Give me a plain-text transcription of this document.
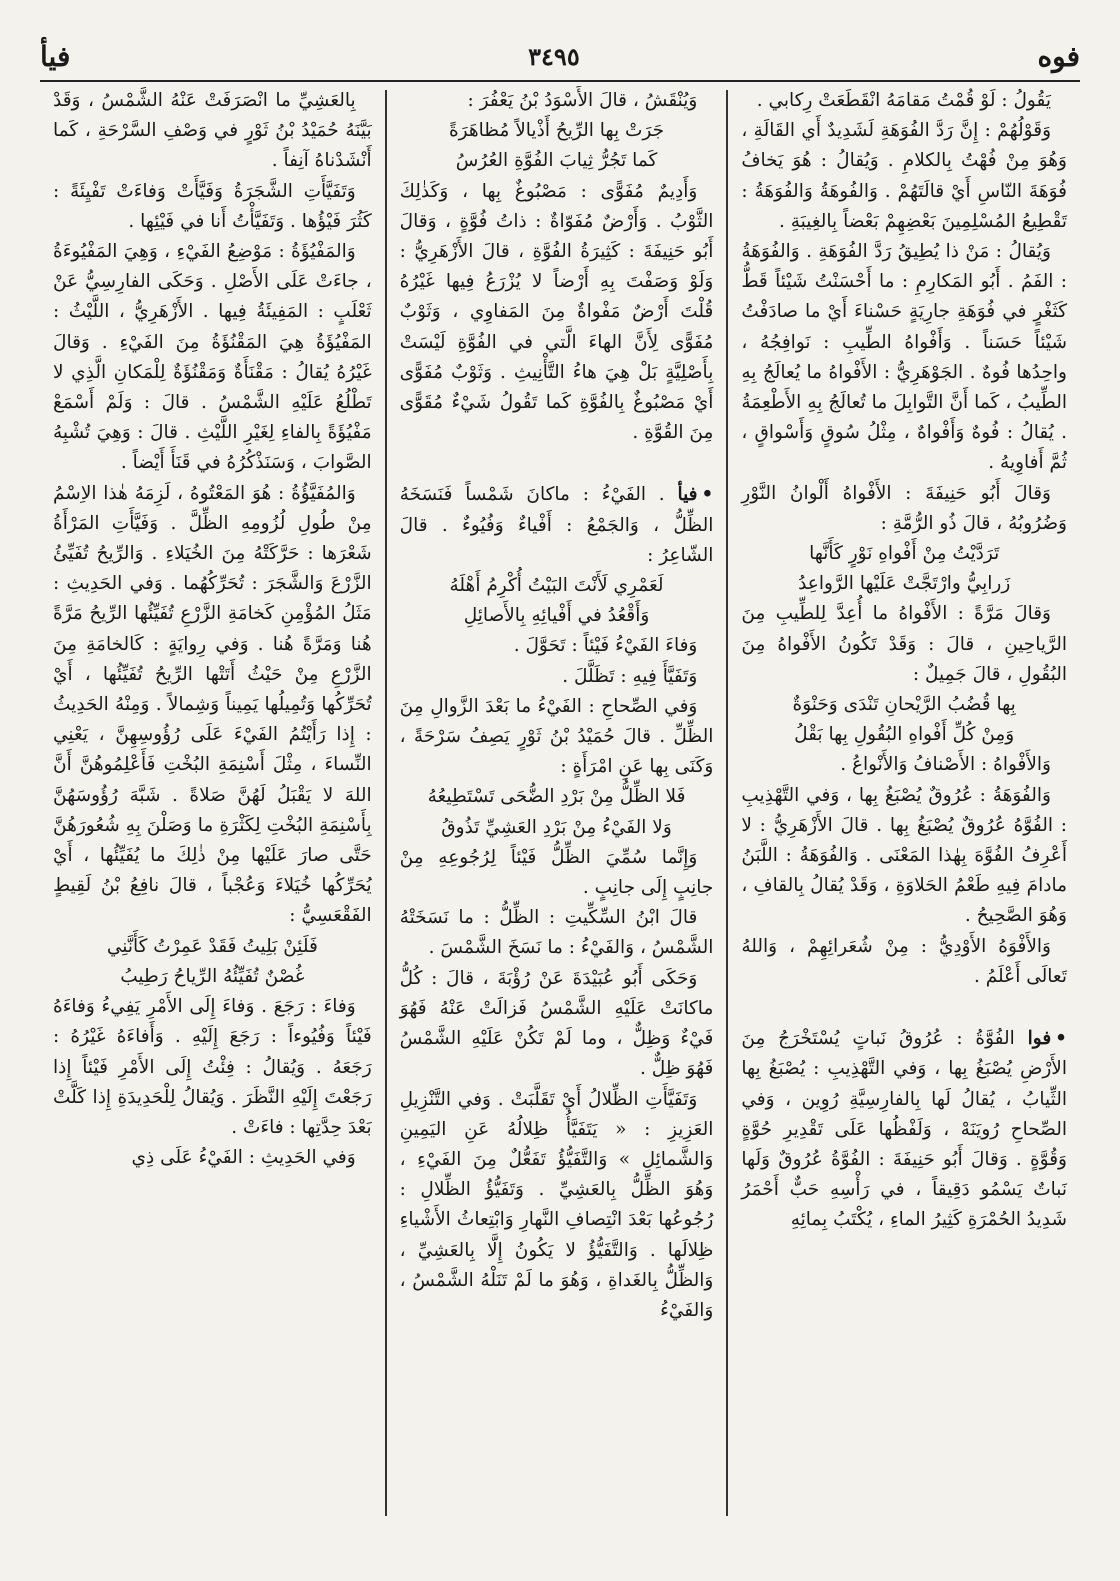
فوه
٣٤٩٥
فيأ

يَقُولُ : لَوْ قُمْتُ مَقامَهُ انْقَطَعَتْ رِكابي .

وَقَوْلُهُمْ : إِنَّ رَدَّ الفُوَهَةِ لَشَدِيدٌ أَي القَالَةِ ، وَهُوَ مِنْ فُهْتُ بِالكلامِ . وَيُقالُ : هُوَ يَخافُ فُوَهَةَ النّاسِ أَيْ قالَتَهُمْ . وَالفُوهَةُ وَالفُوَهَةُ : تَقْطِيعُ المُسْلِمِينَ بَعْضِهِمْ بَعْضاً بِالغِيبَةِ .

وَيُقالُ : مَنْ ذا يُطِيقُ رَدَّ الفُوَهَةِ . وَالفُوَهَةُ : الفَمُ . أَبُو المَكارِمِ : ما أَحْسَنْتُ شَيْئاً قَطُّ كَثَغْرٍ في فُوَهَةِ جارِيَةٍ حَسْناءَ أَيْ ما صادَفْتُ شَيْئاً حَسَناً . وَأَفْواهُ الطِّيبِ : نَوافِجُهُ ، واحِدُها فُوهٌ . الجَوْهَرِيُّ : الأَفْواهُ ما يُعالَجُ بِهِ الطِّيبُ ، كَما أَنَّ التَّوابِلَ ما تُعالَجُ بِهِ الأَطْعِمَةُ . يُقالُ : فُوهٌ وَأَفْواهٌ ، مِثْلُ سُوقٍ وَأَسْواقٍ ، ثُمَّ أَفاوِيهُ .

وَقالَ أَبُو حَنِيفَةَ : الأَفْواهُ أَلْوانُ النَّوْرِ وَضُرُوبُهُ ، قالَ ذُو الرُّمَّةِ :

تَرَدَّيْتُ مِنْ أَفْواهِ نَوْرٍ كَأَنَّها

زَرابِيُّ وارْتَجَّتْ عَلَيْها الرَّواعِدُ

وَقالَ مَرَّةً : الأَفْواهُ ما أُعِدَّ لِلطِّيبِ مِنَ الرَّياحِينِ ، قالَ : وَقَدْ تَكُونُ الأَفْواهُ مِنَ البُقُولِ ، قالَ جَمِيلٌ :

بِها قُضُبُ الرَّيْحانِ تَنْدَى وَحَنْوَةٌ

وَمِنْ كُلِّ أَفْواهِ البُقُولِ بِها بَقْلُ

وَالأَفْواهُ : الأَصْنافُ وَالأَنْواعُ .

وَالفُوَهَةُ : عُرُوقٌ يُصْبَغُ بِها ، وَفي التَّهْذِيبِ : الفُوَّهُ عُرُوقٌ يُصْبَغُ بِها . قالَ الأَزْهَرِيُّ : لا أَعْرِفُ الفُوَّهَ بِهٰذا المَعْنَى . وَالفُوَهَةُ : اللَّبَنُ مادامَ فِيهِ طَعْمُ الحَلاوَةِ ، وَقَدْ يُقالُ بِالقافِ ، وَهُوَ الصَّحِيحُ .

وَالأَفْوَهُ الأَوْدِيُّ : مِنْ شُعَرائِهِمْ ، وَاللهُ تَعالَى أَعْلَمُ .

•فوا الفُوَّةُ : عُرُوقُ نَباتٍ يُسْتَخْرَجُ مِنَ الأَرْضِ يُصْبَغُ بِها ، وَفي التَّهْذِيبِ : يُصْبَغُ بِها الثِّيابُ ، يُقالُ لَها بِالفارِسِيَّةِ رُوِين ، وَفي الصِّحاحِ رُويَنَهْ ، وَلَفْظُها عَلَى تَقْدِيرِ حُوَّةٍ وَقُوَّةٍ . وَقالَ أَبُو حَنِيفَةَ : الفُوَّةُ عُرُوقٌ وَلَها نَباتٌ يَسْمُو دَقِيقاً ، في رَأْسِهِ حَبٌّ أَحْمَرُ شَدِيدُ الحُمْرَةِ كَثِيرُ الماءِ ، يُكْتَبُ بِمائِهِ

وَيُنْقَشُ ، قالَ الأَسْوَدُ بْنُ يَعْفُرَ :

جَرَتْ بِها الرِّيحُ أَذْيالاً مُظاهَرَةً

كَما تَجُرُّ ثِيابَ الفُوَّةِ العُرُسُ

وَأَدِيمٌ مُفَوًّى : مَصْبُوغٌ بِها ، وَكَذٰلِكَ الثَّوْبُ . وَأَرْضٌ مُفَوّاةٌ : ذاتُ فُوَّةٍ ، وَقالَ أَبُو حَنِيفَةَ : كَثِيرَةُ الفُوَّةِ ، قالَ الأَزْهَرِيُّ : وَلَوْ وَصَفْتَ بِهِ أَرْضاً لا يُزْرَعُ فِيها غَيْرُهُ قُلْتَ أَرْضٌ مَفْواةٌ مِنَ المَفاوِي ، وَثَوْبٌ مُفَوًّى لِأَنَّ الهاءَ الَّتي في الفُوَّةِ لَيْسَتْ بِأَصْلِيَّةٍ بَلْ هِيَ هاءُ التَّأْنِيثِ . وَثَوْبٌ مُفَوًّى أَيْ مَصْبُوغٌ بِالفُوَّةِ كَما تَقُولُ شَيْءٌ مُقَوًّى مِنَ القُوَّةِ .

•فيأ . الفَيْءُ : ماكانَ شَمْساً فَنَسَخَهُ الظِّلُّ ، وَالجَمْعُ : أَفْياءٌ وَفُيُوءٌ . قالَ الشّاعِرُ :

لَعَمْرِي لَأَنْتَ البَيْتُ أُكْرِمُ أَهْلَهُ

وَأَقْعُدُ في أَفْيائِهِ بِالأَصائِلِ

وَفاءَ الفَيْءُ فَيْئاً : تَحَوَّلَ .

وَتَفَيَّأَ فِيهِ : تَظَلَّلَ .

وَفي الصِّحاحِ : الفَيْءُ ما بَعْدَ الزَّوالِ مِنَ الظِّلِّ . قالَ حُمَيْدُ بْنُ ثَوْرٍ يَصِفُ سَرْحَةً ، وَكَنَى بِها عَنِ امْرَأَةٍ :

فَلا الظِّلُّ مِنْ بَرْدِ الضُّحَى تَسْتَطِيعُهُ

وَلا الفَيْءُ مِنْ بَرْدِ العَشِيِّ تَذُوقُ

وَإِنَّما سُمِّيَ الظِّلُّ فَيْئاً لِرُجُوعِهِ مِنْ جانِبٍ إِلَى جانِبٍ .

قالَ ابْنُ السِّكِّيتِ : الظِّلُّ : ما نَسَخَتْهُ الشَّمْسُ ، وَالفَيْءُ : ما نَسَخَ الشَّمْسَ .

وَحَكَى أَبُو عُبَيْدَةَ عَنْ رُؤْبَةَ ، قالَ : كُلُّ ماكانَتْ عَلَيْهِ الشَّمْسُ فَزالَتْ عَنْهُ فَهُوَ فَيْءٌ وَظِلٌّ ، وما لَمْ تَكُنْ عَلَيْهِ الشَّمْسُ فَهُوَ ظِلٌّ .

وَتَفَيَّأَتِ الظِّلالُ أَيْ تَقَلَّبَتْ . وَفي التَّنْزِيلِ العَزِيزِ : « يَتَفَيَّأُ ظِلالُهُ عَنِ اليَمِينِ وَالشَّمائِلِ » وَالتَّفَيُّؤُ تَفَعُّلٌ مِنَ الفَيْءِ ، وَهُوَ الظِّلُّ بِالعَشِيِّ . وَتَفَيُّؤُ الظِّلالِ : رُجُوعُها بَعْدَ انْتِصافِ النَّهارِ وَابْتِعاثُ الأَشْياءِ ظِلالَها . وَالتَّفَيُّؤُ لا يَكُونُ إِلَّا بِالعَشِيِّ ، وَالظِّلُّ بِالغَداةِ ، وَهُوَ ما لَمْ تَنَلْهُ الشَّمْسُ ، وَالفَيْءُ

بِالعَشِيِّ ما انْصَرَفَتْ عَنْهُ الشَّمْسُ ، وَقَدْ بَيَّنَهُ حُمَيْدُ بْنُ ثَوْرٍ في وَصْفِ السَّرْحَةِ ، كَما أَنْشَدْناهُ آنِفاً .

وَتَفَيَّأَتِ الشَّجَرَةُ وَفَيَّأَتْ وَفاءَتْ تَفْيِئَةً : كَثُرَ فَيْؤُها . وَتَفَيَّأْتُ أَنا في فَيْئِها .

وَالمَفْيُؤَةُ : مَوْضِعُ الفَيْءِ ، وَهِيَ المَفْيُوءَةُ ، جاءَتْ عَلَى الأَصْلِ . وَحَكَى الفارِسِيُّ عَنْ ثَعْلَبٍ : المَفِيئَةُ فِيها . الأَزْهَرِيُّ ، اللَّيْثُ : المَفْيُؤَةُ هِيَ المَقْنُؤَةُ مِنَ الفَيْءِ . وَقالَ غَيْرُهُ يُقالُ : مَقْنَأَةٌ وَمَقْنُؤَةٌ لِلْمَكانِ الَّذِي لا تَطْلُعُ عَلَيْهِ الشَّمْسُ . قالَ : وَلَمْ أَسْمَعْ مَفْيُؤَةً بِالفاءِ لِغَيْرِ اللَّيْثِ . قالَ : وَهِيَ تُشْبِهُ الصَّوابَ ، وَسَنَذْكُرُهُ في قَنَأَ أَيْضاً .

وَالمُفَيَّؤُةُ : هُوَ المَعْتُوهُ ، لَزِمَهُ هٰذا الاِسْمُ مِنْ طُولِ لُزُومِهِ الظِّلَّ . وَفَيَّأَتِ المَرْأَةُ شَعْرَها : حَرَّكَتْهُ مِنَ الخُيَلاءِ . وَالرِّيحُ تُفَيِّئُ الزَّرْعَ وَالشَّجَرَ : تُحَرِّكُهُما . وَفي الحَدِيثِ : مَثَلُ المُؤْمِنِ كَخامَةِ الزَّرْعِ تُفَيِّئُها الرِّيحُ مَرَّةً هُنا وَمَرَّةً هُنا . وَفي رِوايَةٍ : كَالخامَةِ مِنَ الزَّرْعِ مِنْ حَيْثُ أَتَتْها الرِّيحُ تُفَيِّئُها ، أَيْ تُحَرِّكُها وَتُمِيلُها يَمِيناً وَشِمالاً . وَمِنْهُ الحَدِيثُ : إِذا رَأَيْتُمُ الفَيْءَ عَلَى رُؤُوسِهِنَّ ، يَعْنِي النِّساءَ ، مِثْلَ أَسْنِمَةِ البُخْتِ فَأَعْلِمُوهُنَّ أَنَّ اللهَ لا يَقْبَلُ لَهُنَّ صَلاةً . شَبَّهَ رُؤُوسَهُنَّ بِأَسْنِمَةِ البُخْتِ لِكَثْرَةِ ما وَصَلْنَ بِهِ شُعُورَهُنَّ حَتَّى صارَ عَلَيْها مِنْ ذٰلِكَ ما يُفَيِّئُها ، أَيْ يُحَرِّكُها خُيَلاءَ وَعُجْباً ، قالَ نافِعُ بْنُ لَقِيطٍ الفَقْعَسِيُّ :

فَلَئِنْ بَلِيتُ فَقَدْ عَمِرْتُ كَأَنَّنِي

غُصْنٌ تُفَيِّئُهُ الرِّياحُ رَطِيبُ

وَفاءَ : رَجَعَ . وَفاءَ إِلَى الأَمْرِ يَفِيءُ وَفاءَهُ فَيْئاً وَفُيُوءاً : رَجَعَ إِلَيْهِ . وَأَفاءَهُ غَيْرُهُ : رَجَعَهُ . وَيُقالُ : فِئْتُ إِلَى الأَمْرِ فَيْئاً إِذا رَجَعْتَ إِلَيْهِ النَّظَرَ . وَيُقالُ لِلْحَدِيدَةِ إِذا كَلَّتْ بَعْدَ حِدَّتِها : فاءَتْ .

وَفي الحَدِيثِ : الفَيْءُ عَلَى ذِي
